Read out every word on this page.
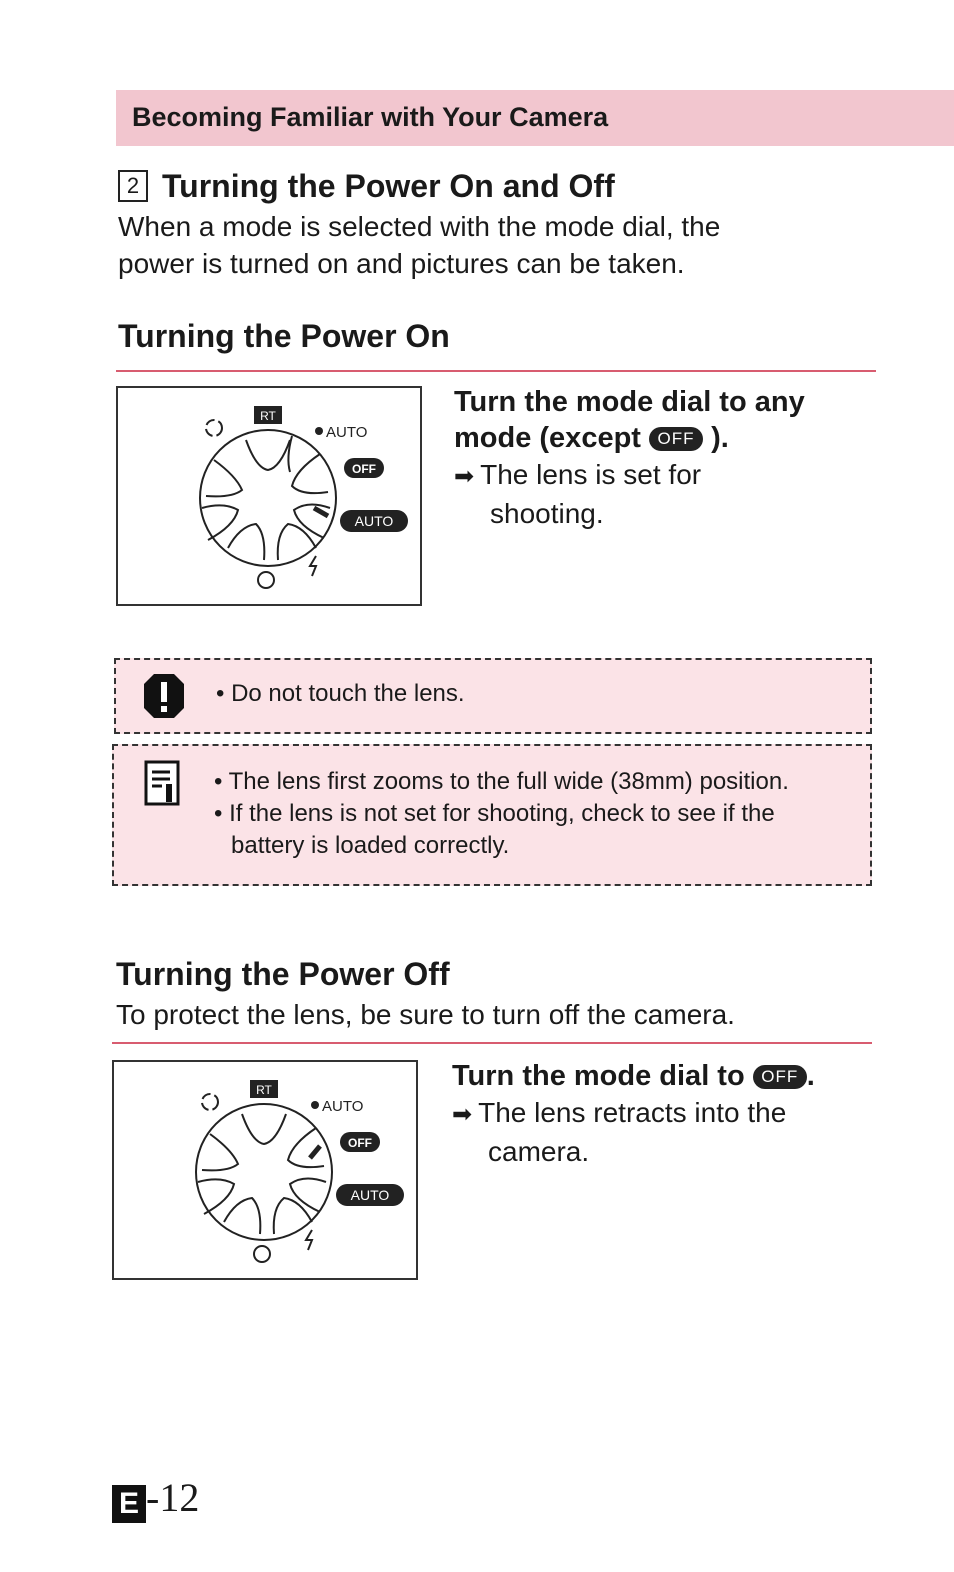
Becoming Familiar with Your Camera
2 Turning the Power On and Off
When a mode is selected with the mode dial, the
power is turned on and pictures can be taken.
Turning the Power On
RT
AUTO
OFF
AUTO
Turn the mode dial to any
mode (except OFF ).
➡ The lens is set for
shooting.
• Do not touch the lens.
• The lens first zooms to the full wide (38mm) position.
• If the lens is not set for shooting, check to see if the
battery is loaded correctly.
Turning the Power Off
To protect the lens, be sure to turn off the camera.
RT
AUTO
OFF
AUTO
Turn the mode dial to OFF .
➡ The lens retracts into the
camera.
E -12
